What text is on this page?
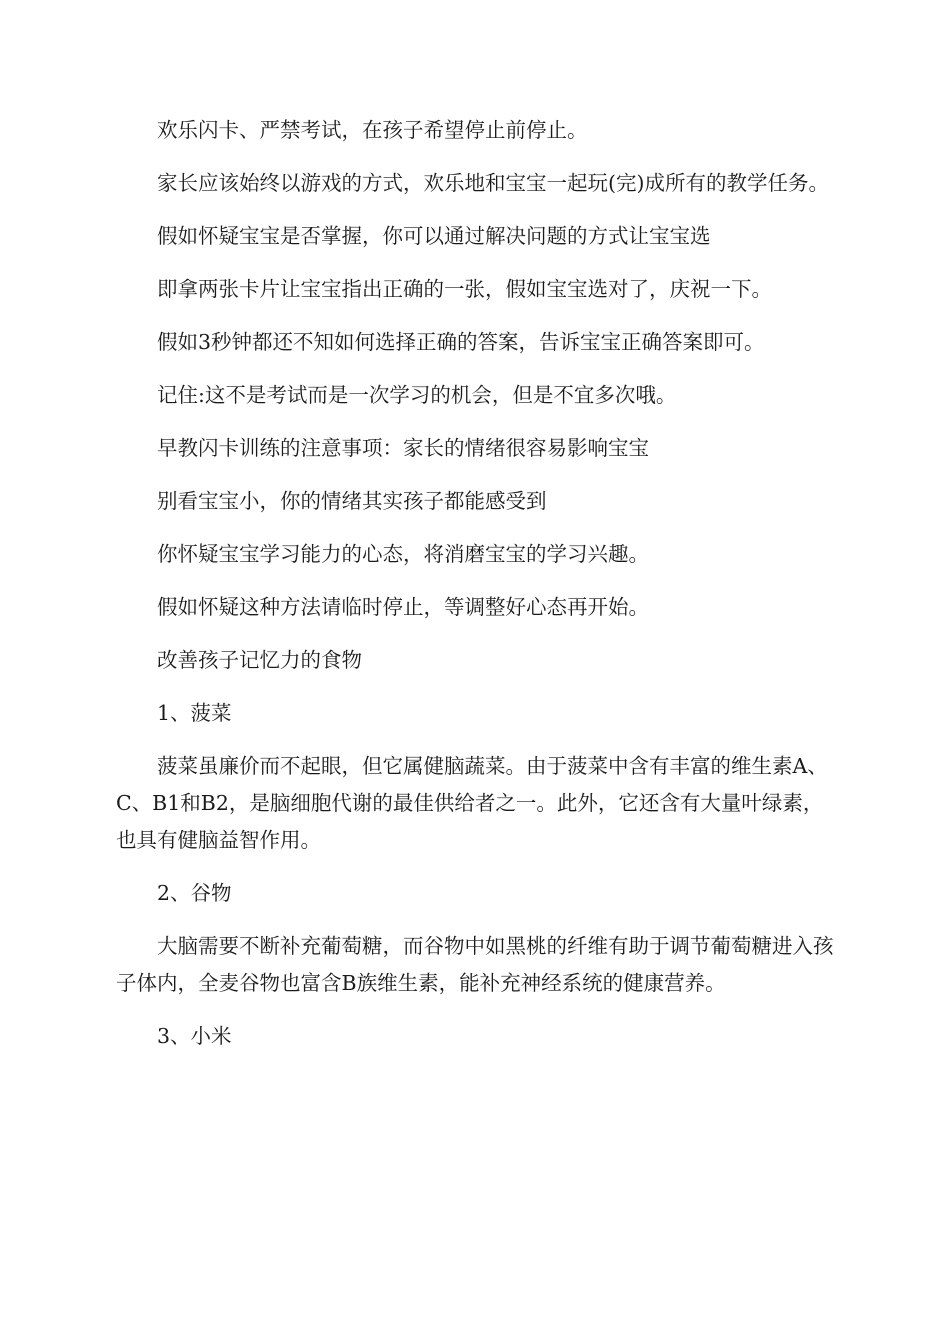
欢乐闪卡、严禁考试，在孩子希望停止前停止。

家长应该始终以游戏的方式，欢乐地和宝宝一起玩(完)成所有的教学任务。

假如怀疑宝宝是否掌握，你可以通过解决问题的方式让宝宝选

即拿两张卡片让宝宝指出正确的一张，假如宝宝选对了，庆祝一下。

假如3秒钟都还不知如何选择正确的答案，告诉宝宝正确答案即可。

记住:这不是考试而是一次学习的机会，但是不宜多次哦。

早教闪卡训练的注意事项：家长的情绪很容易影响宝宝

别看宝宝小，你的情绪其实孩子都能感受到

你怀疑宝宝学习能力的心态，将消磨宝宝的学习兴趣。

假如怀疑这种方法请临时停止，等调整好心态再开始。

改善孩子记忆力的食物

1、菠菜

菠菜虽廉价而不起眼，但它属健脑蔬菜。由于菠菜中含有丰富的维生素A、C、B1和B2，是脑细胞代谢的最佳供给者之一。此外，它还含有大量叶绿素，也具有健脑益智作用。

2、谷物

大脑需要不断补充葡萄糖，而谷物中如黑桃的纤维有助于调节葡萄糖进入孩子体内，全麦谷物也富含B族维生素，能补充神经系统的健康营养。

3、小米
